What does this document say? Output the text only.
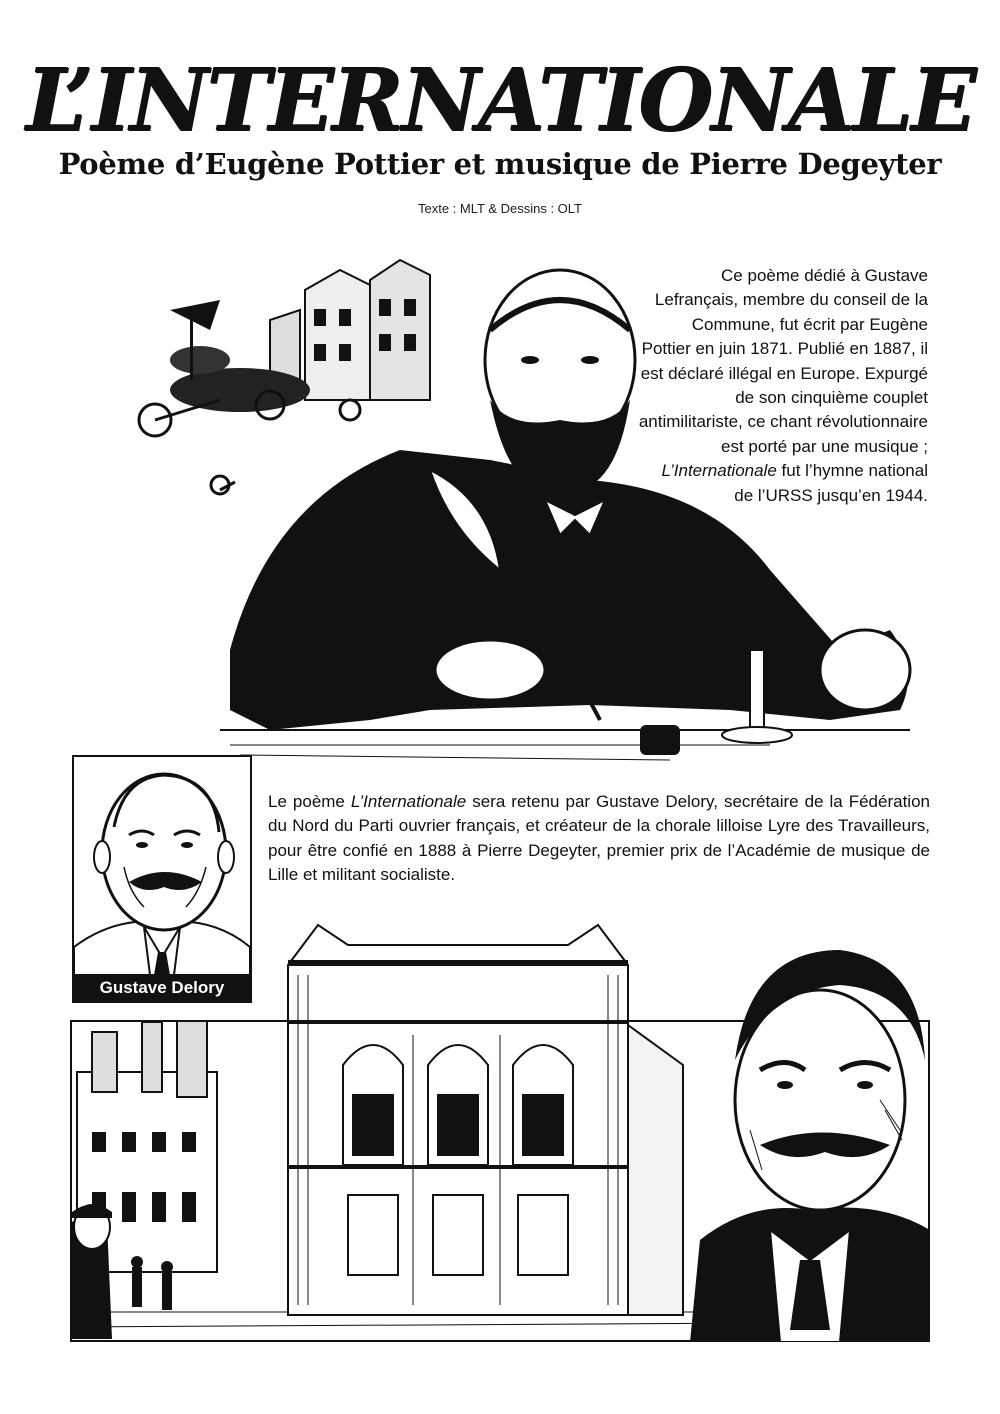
L’INTERNATIONALE
Poème d’Eugène Pottier et musique de Pierre Degeyter
Texte : MLT & Dessins : OLT
Ce poème dédié à Gustave Lefrançais, membre du conseil de la Commune, fut écrit par Eugène Pottier en juin 1871. Publié en 1887, il est déclaré illégal en Europe. Expurgé de son cinquième couplet antimilitariste, ce chant révolutionnaire est porté par une musique ; L’Internationale fut l’hymne national de l’URSS jusqu’en 1944.
Le poème L’Internationale sera retenu par Gustave Delory, secrétaire de la Fédération du Nord du Parti ouvrier français, et créateur de la chorale lilloise Lyre des Travailleurs, pour être confié en 1888 à Pierre Degeyter, premier prix de l’Académie de musique de Lille et militant socialiste.
Gustave Delory
